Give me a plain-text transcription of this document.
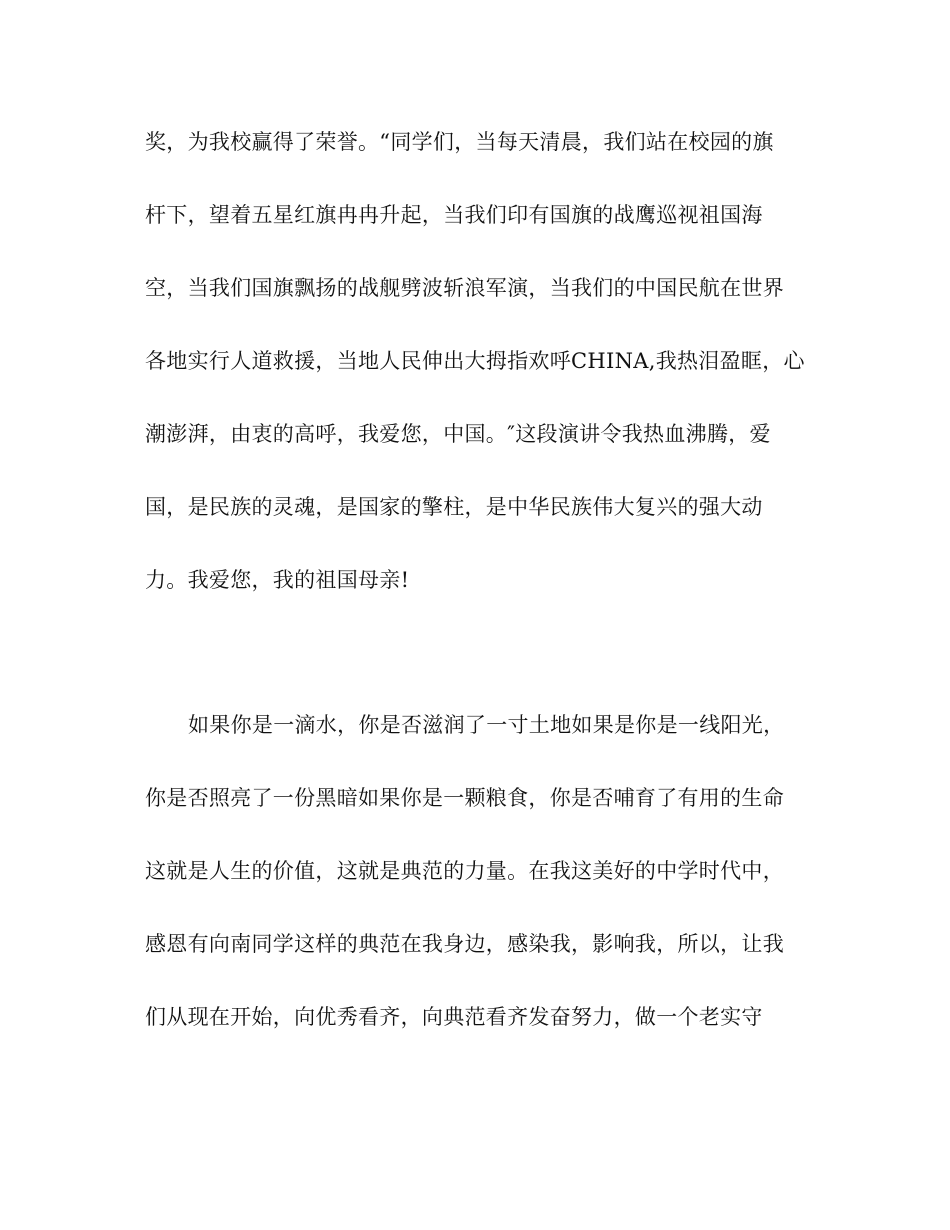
奖，为我校赢得了荣誉。“同学们，当每天清晨，我们站在校园的旗
杆下，望着五星红旗冉冉升起，当我们印有国旗的战鹰巡视祖国海
空，当我们国旗飘扬的战舰劈波斩浪军演，当我们的中国民航在世界
各地实行人道救援，当地人民伸出大拇指欢呼CHINA,我热泪盈眶，心
潮澎湃，由衷的高呼，我爱您，中国。″这段演讲令我热血沸腾，爱
国，是民族的灵魂，是国家的擎柱，是中华民族伟大复兴的强大动
力。我爱您，我的祖国母亲!
如果你是一滴水，你是否滋润了一寸土地如果是你是一线阳光，
你是否照亮了一份黑暗如果你是一颗粮食，你是否哺育了有用的生命
这就是人生的价值，这就是典范的力量。在我这美好的中学时代中，
感恩有向南同学这样的典范在我身边，感染我，影响我，所以，让我
们从现在开始，向优秀看齐，向典范看齐发奋努力，做一个老实守
